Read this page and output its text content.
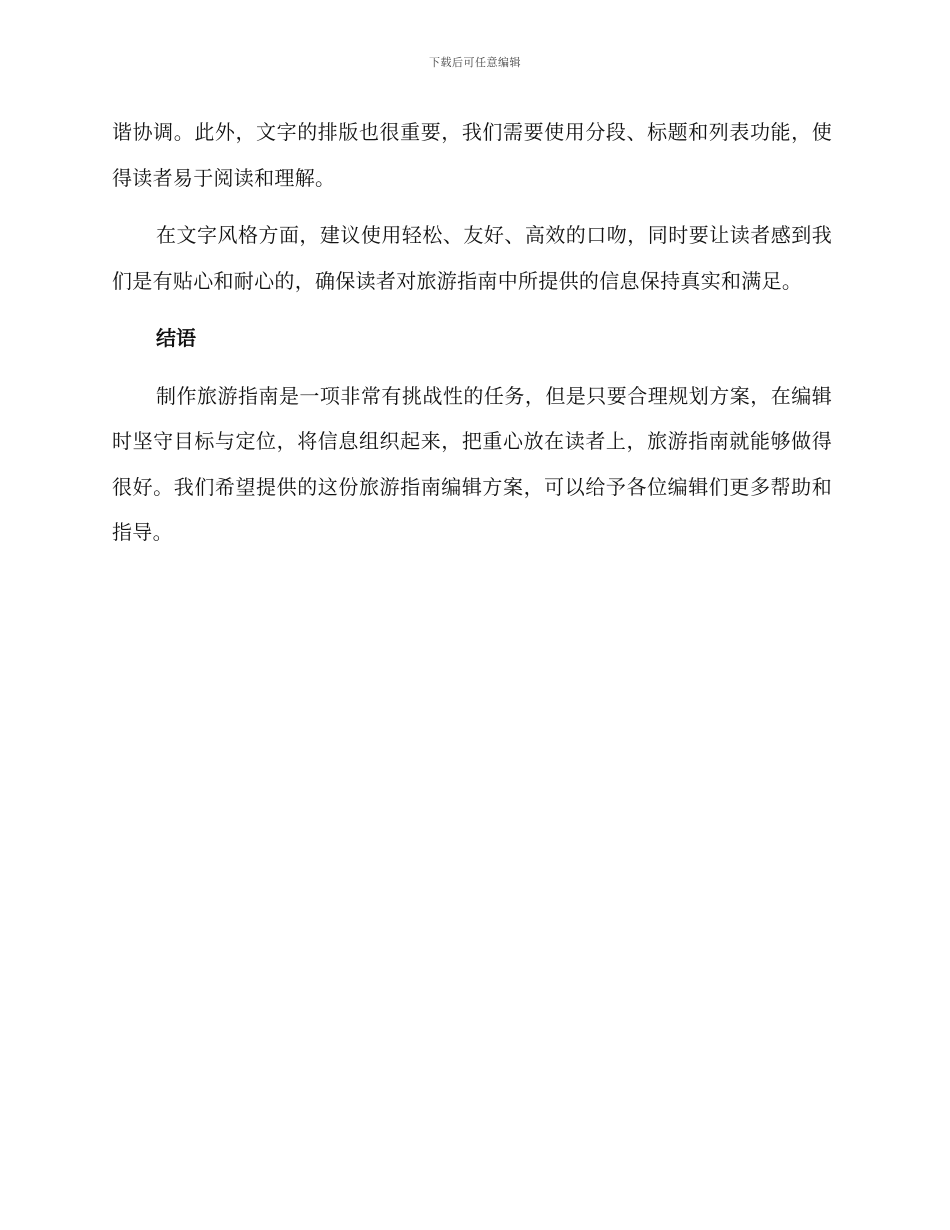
下载后可任意编辑

谐协调。此外，文字的排版也很重要，我们需要使用分段、标题和列表功能，使得读者易于阅读和理解。

在文字风格方面，建议使用轻松、友好、高效的口吻，同时要让读者感到我们是有贴心和耐心的，确保读者对旅游指南中所提供的信息保持真实和满足。

结语

制作旅游指南是一项非常有挑战性的任务，但是只要合理规划方案，在编辑时坚守目标与定位，将信息组织起来，把重心放在读者上，旅游指南就能够做得很好。我们希望提供的这份旅游指南编辑方案，可以给予各位编辑们更多帮助和指导。
